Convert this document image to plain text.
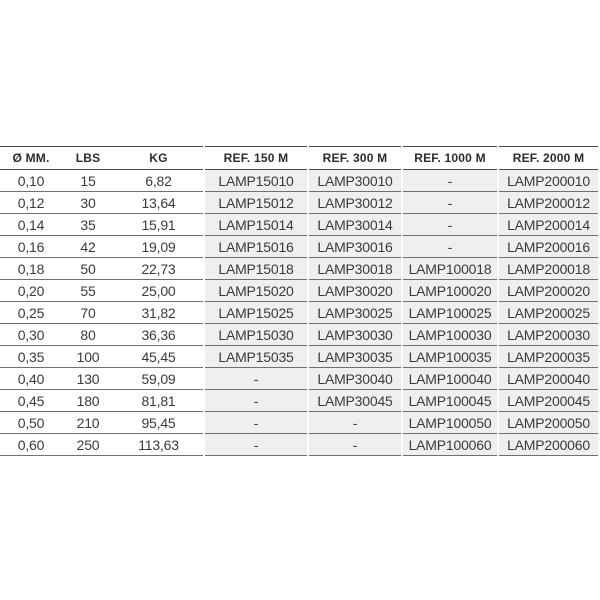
Ø MM.	LBS	KG	REF. 150 M	REF. 300 M	REF. 1000 M	REF. 2000 M
0,10	15	6,82	LAMP15010	LAMP30010	-	LAMP200010
0,12	30	13,64	LAMP15012	LAMP30012	-	LAMP200012
0,14	35	15,91	LAMP15014	LAMP30014	-	LAMP200014
0,16	42	19,09	LAMP15016	LAMP30016	-	LAMP200016
0,18	50	22,73	LAMP15018	LAMP30018	LAMP100018	LAMP200018
0,20	55	25,00	LAMP15020	LAMP30020	LAMP100020	LAMP200020
0,25	70	31,82	LAMP15025	LAMP30025	LAMP100025	LAMP200025
0,30	80	36,36	LAMP15030	LAMP30030	LAMP100030	LAMP200030
0,35	100	45,45	LAMP15035	LAMP30035	LAMP100035	LAMP200035
0,40	130	59,09	-	LAMP30040	LAMP100040	LAMP200040
0,45	180	81,81	-	LAMP30045	LAMP100045	LAMP200045
0,50	210	95,45	-	-	LAMP100050	LAMP200050
0,60	250	113,63	-	-	LAMP100060	LAMP200060
